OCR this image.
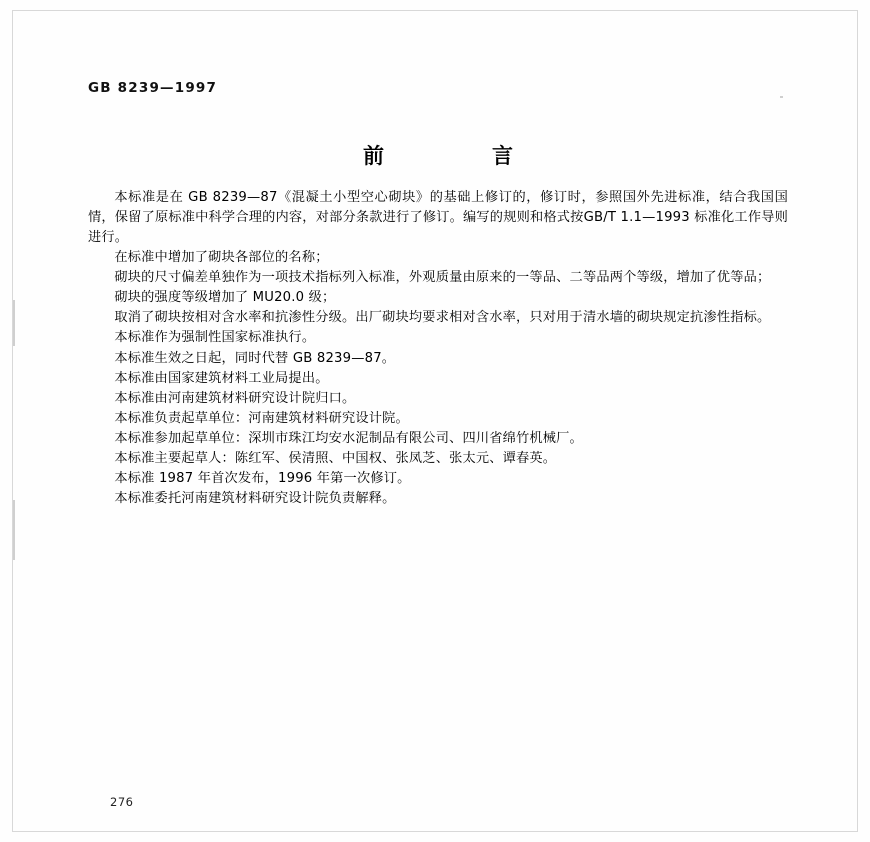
GB 8239—1997
前　　言

本标准是在 GB 8239—87《混凝土小型空心砌块》的基础上修订的，修订时，参照国外先进标准，结合我国国情，保留了原标准中科学合理的内容，对部分条款进行了修订。编写的规则和格式按GB/T 1.1—1993 标准化工作导则进行。

在标准中增加了砌块各部位的名称；

砌块的尺寸偏差单独作为一项技术指标列入标准，外观质量由原来的一等品、二等品两个等级，增加了优等品；

砌块的强度等级增加了 MU20.0 级；

取消了砌块按相对含水率和抗渗性分级。出厂砌块均要求相对含水率，只对用于清水墙的砌块规定抗渗性指标。

本标准作为强制性国家标准执行。

本标准生效之日起，同时代替 GB 8239—87。

本标准由国家建筑材料工业局提出。

本标准由河南建筑材料研究设计院归口。

本标准负责起草单位：河南建筑材料研究设计院。

本标准参加起草单位：深圳市珠江均安水泥制品有限公司、四川省绵竹机械厂。

本标准主要起草人：陈红军、侯清照、中国权、张凤芝、张太元、谭春英。

本标准 1987 年首次发布，1996 年第一次修订。

本标准委托河南建筑材料研究设计院负责解释。

276
